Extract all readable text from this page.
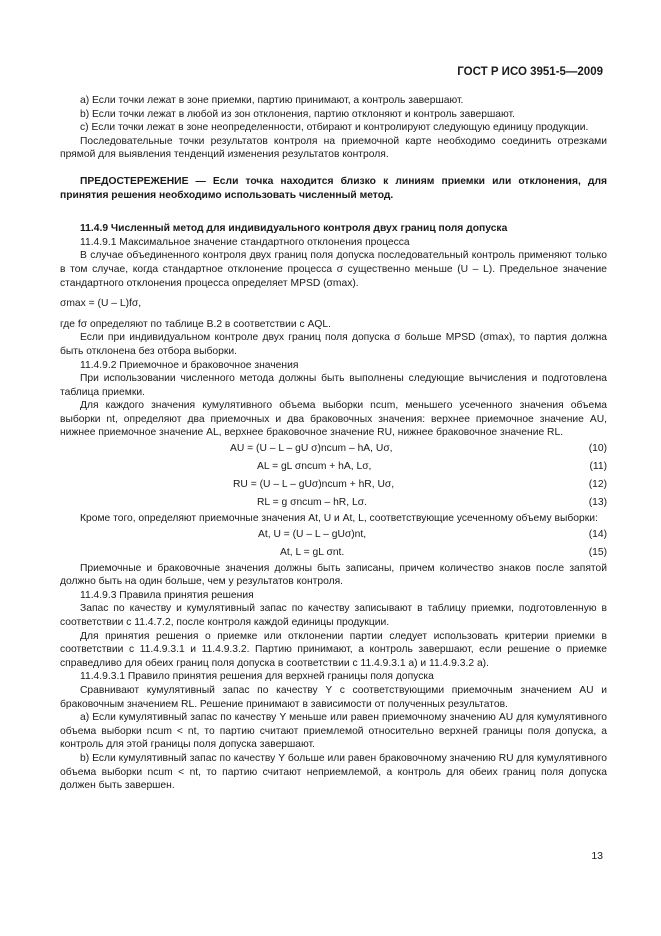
ГОСТ Р ИСО 3951-5—2009

a) Если точки лежат в зоне приемки, партию принимают, а контроль завершают.

b) Если точки лежат в любой из зон отклонения, партию отклоняют и контроль завершают.

c) Если точки лежат в зоне неопределенности, отбирают и контролируют следующую единицу продукции.

Последовательные точки результатов контроля на приемочной карте необходимо соединить отрезками прямой для выявления тенденций изменения результатов контроля.

ПРЕДОСТЕРЕЖЕНИЕ — Если точка находится близко к линиям приемки или отклонения, для принятия решения необходимо использовать численный метод.

11.4.9 Численный метод для индивидуального контроля двух границ поля допуска

11.4.9.1 Максимальное значение стандартного отклонения процесса

В случае объединенного контроля двух границ поля допуска последовательный контроль применяют только в том случае, когда стандартное отклонение процесса σ существенно меньше (U – L). Предельное значение стандартного отклонения процесса определяет MPSD (σmax).

σmax = (U – L)fσ,

где fσ определяют по таблице B.2 в соответствии с AQL.

Если при индивидуальном контроле двух границ поля допуска σ больше MPSD (σmax), то партия должна быть отклонена без отбора выборки.

11.4.9.2 Приемочное и браковочное значения

При использовании численного метода должны быть выполнены следующие вычисления и подготовлена таблица приемки.

Для каждого значения кумулятивного объема выборки ncum, меньшего усеченного значения объема выборки nt, определяют два приемочных и два браковочных значения: верхнее приемочное значение AU, нижнее приемочное значение AL, верхнее браковочное значение RU, нижнее браковочное значение RL.

AU = (U – L – gU σ)ncum – hA, Uσ,	(10)
AL = gL σncum + hA, Lσ,	(11)
RU = (U – L – gUσ)ncum + hR, Uσ,	(12)
RL = g σncum – hR, Lσ.	(13)

Кроме того, определяют приемочные значения At, U и At, L, соответствующие усеченному объему выборки:

At, U = (U – L – gUσ)nt,	(14)
At, L = gL σnt.	(15)

Приемочные и браковочные значения должны быть записаны, причем количество знаков после запятой должно быть на один больше, чем у результатов контроля.

11.4.9.3 Правила принятия решения

Запас по качеству и кумулятивный запас по качеству записывают в таблицу приемки, подготовленную в соответствии с 11.4.7.2, после контроля каждой единицы продукции.

Для принятия решения о приемке или отклонении партии следует использовать критерии приемки в соответствии с 11.4.9.3.1 и 11.4.9.3.2. Партию принимают, а контроль завершают, если решение о приемке справедливо для обеих границ поля допуска в соответствии с 11.4.9.3.1 а) и 11.4.9.3.2 а).

11.4.9.3.1 Правило принятия решения для верхней границы поля допуска

Сравнивают кумулятивный запас по качеству Y с соответствующими приемочным значением AU и браковочным значением RL. Решение принимают в зависимости от полученных результатов.

a) Если кумулятивный запас по качеству Y меньше или равен приемочному значению AU для кумулятивного объема выборки ncum < nt, то партию считают приемлемой относительно верхней границы поля допуска, а контроль для этой границы поля допуска завершают.

b) Если кумулятивный запас по качеству Y больше или равен браковочному значению RU для кумулятивного объема выборки ncum < nt, то партию считают неприемлемой, а контроль для обеих границ поля допуска должен быть завершен.

13
